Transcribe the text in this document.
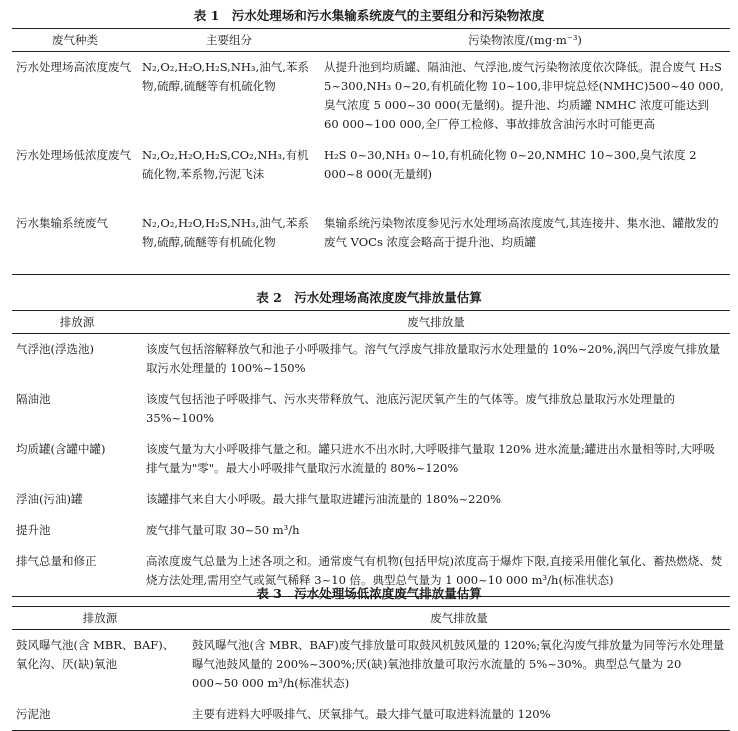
表 1　污水处理场和污水集输系统废气的主要组分和污染物浓度
废气种类	主要组分	污染物浓度/(mg·m⁻³)
污水处理场高浓度废气	N₂,O₂,H₂O,H₂S,NH₃,油气,苯系物,硫醇,硫醚等有机硫化物	从提升池到均质罐、隔油池、气浮池,废气污染物浓度依次降低。混合废气 H₂S 5~300,NH₃ 0~20,有机硫化物 10~100,非甲烷总烃(NMHC)500~40 000,臭气浓度 5 000~30 000(无量纲)。提升池、均质罐 NMHC 浓度可能达到 60 000~100 000,全厂停工检修、事故排放含油污水时可能更高
污水处理场低浓度废气	N₂,O₂,H₂O,H₂S,CO₂,NH₃,有机硫化物,苯系物,污泥飞沫	H₂S 0~30,NH₃ 0~10,有机硫化物 0~20,NMHC 10~300,臭气浓度 2 000~8 000(无量纲)
污水集输系统废气	N₂,O₂,H₂O,H₂S,NH₃,油气,苯系物,硫醇,硫醚等有机硫化物	集输系统污染物浓度参见污水处理场高浓度废气,其连接井、集水池、罐散发的废气 VOCs 浓度会略高于提升池、均质罐
表 2　污水处理场高浓度废气排放量估算
排放源	废气排放量
气浮池(浮选池)	该废气包括溶解释放气和池子小呼吸排气。溶气气浮废气排放量取污水处理量的 10%~20%,涡凹气浮废气排放量取污水处理量的 100%~150%
隔油池	该废气包括池子呼吸排气、污水夹带释放气、池底污泥厌氧产生的气体等。废气排放总量取污水处理量的 35%~100%
均质罐(含罐中罐)	该废气量为大小呼吸排气量之和。罐只进水不出水时,大呼吸排气量取 120% 进水流量;罐进出水量相等时,大呼吸排气量为"零"。最大小呼吸排气量取污水流量的 80%~120%
浮油(污油)罐	该罐排气来自大小呼吸。最大排气量取进罐污油流量的 180%~220%
提升池	废气排气量可取 30~50 m³/h
排气总量和修正	高浓度废气总量为上述各项之和。通常废气有机物(包括甲烷)浓度高于爆炸下限,直接采用催化氧化、蓄热燃烧、焚烧方法处理,需用空气或氮气稀释 3~10 倍。典型总气量为 1 000~10 000 m³/h(标准状态)
表 3　污水处理场低浓度废气排放量估算
排放源	废气排放量
鼓风曝气池(含 MBR、BAF)、氧化沟、厌(缺)氧池	鼓风曝气池(含 MBR、BAF)废气排放量可取鼓风机鼓风量的 120%;氧化沟废气排放量为同等污水处理量曝气池鼓风量的 200%~300%;厌(缺)氧池排放量可取污水流量的 5%~30%。典型总气量为 20 000~50 000 m³/h(标准状态)
污泥池	主要有进料大呼吸排气、厌氧排气。最大排气量可取进料流量的 120%
